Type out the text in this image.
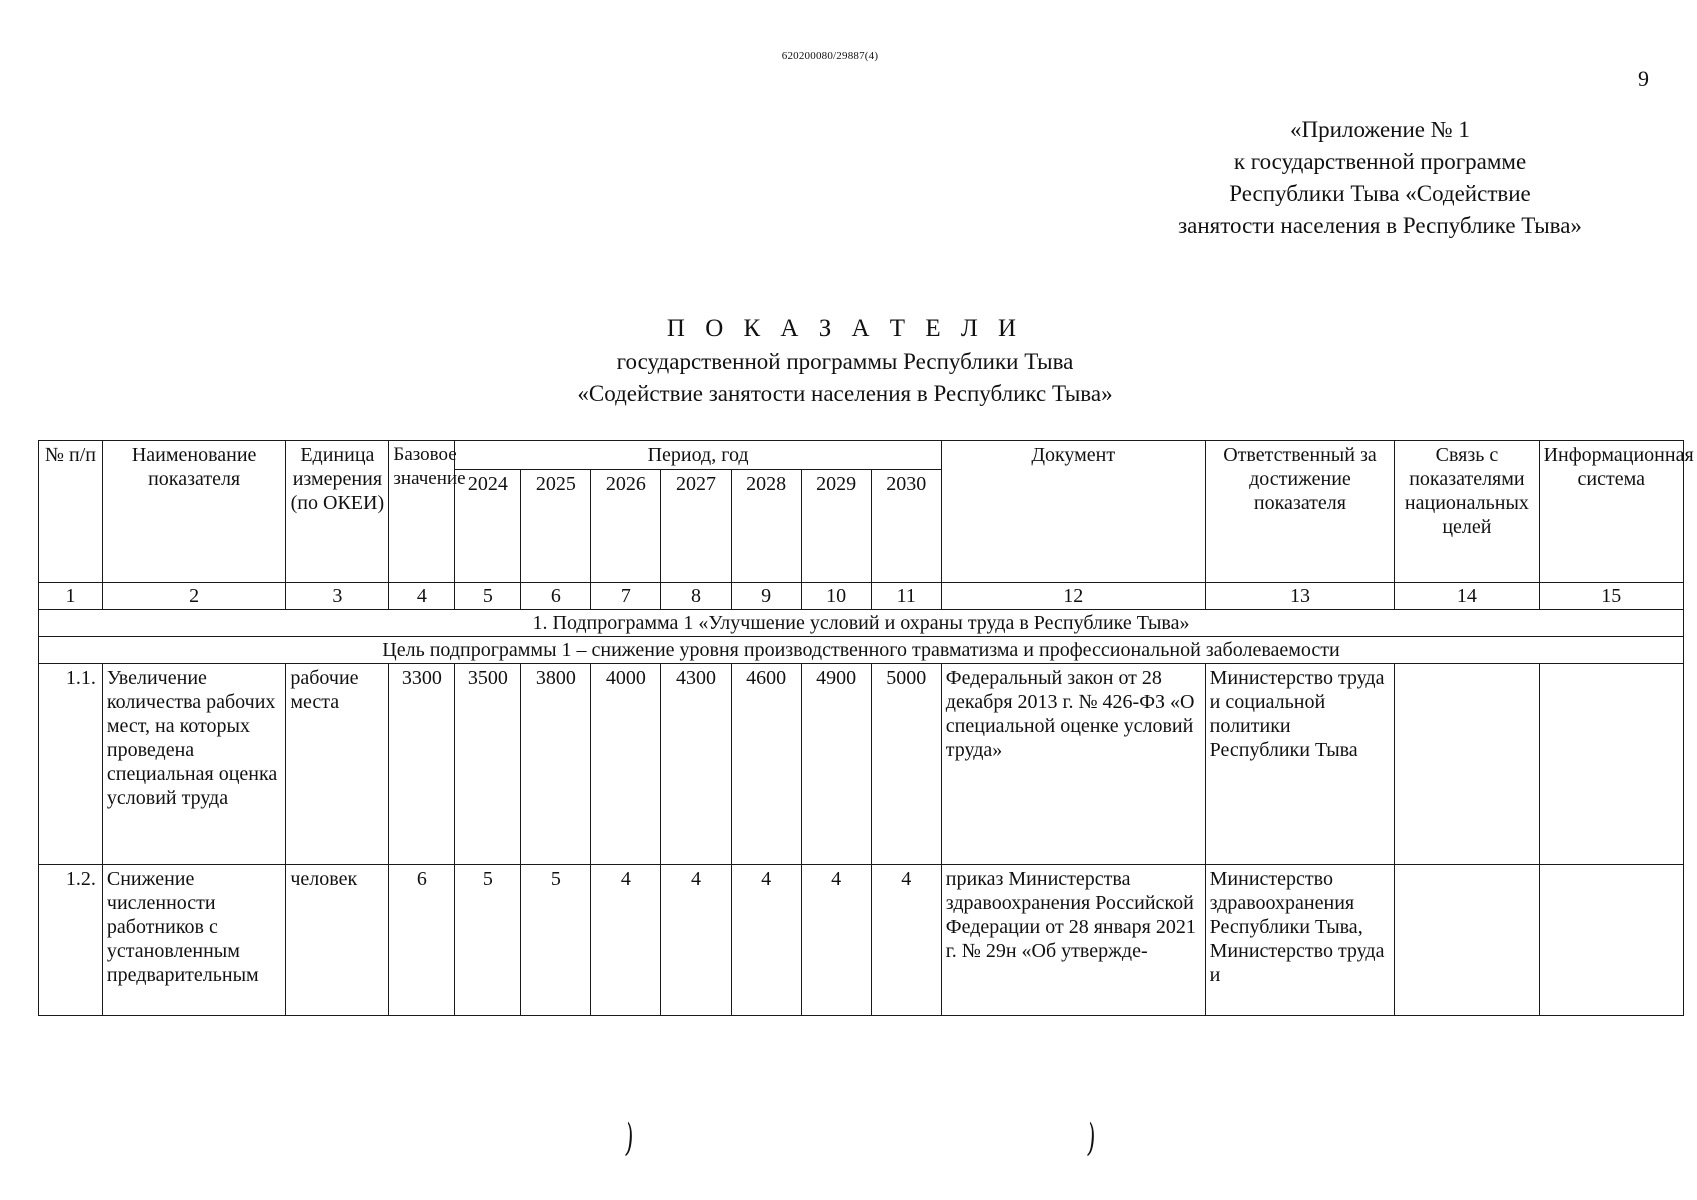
620200080/29887(4)
9
«Приложение № 1
к государственной программе
Республики Тыва «Содействие
занятости населения в Республике Тыва»
П О К А З А Т Е Л И
государственной программы Республики Тыва
«Содействие занятости населения в Республикс Тыва»
№ п/п	Наименование показателя	Единица измерения (по ОКЕИ)	Базовое значение	Период, год							Документ	Ответственный за достижение показателя	Связь с показателями национальных целей	Информационная система
				2024	2025	2026	2027	2028	2029	2030				
1	2	3	4	5	6	7	8	9	10	11	12	13	14	15
1. Подпрограмма 1 «Улучшение условий и охраны труда в Республике Тыва»														
Цель подпрограммы 1 – снижение уровня производственного травматизма и профессиональной заболеваемости														
1.1.	Увеличение количества рабочих мест, на которых проведена специальная оценка условий труда	рабочие места	3300	3500	3800	4000	4300	4600	4900	5000	Федеральный закон от 28 декабря 2013 г. № 426-ФЗ «О специальной оценке условий труда»	Министерство труда и социальной политики Республики Тыва		
1.2.	Снижение численности работников с установленным предварительным	человек	6	5	5	4	4	4	4	4	приказ Министерства здравоохранения Российской Федерации от 28 января 2021 г. № 29н «Об утвержде-	Министерство здравоохранения Республики Тыва, Министерство труда и		
)	)
